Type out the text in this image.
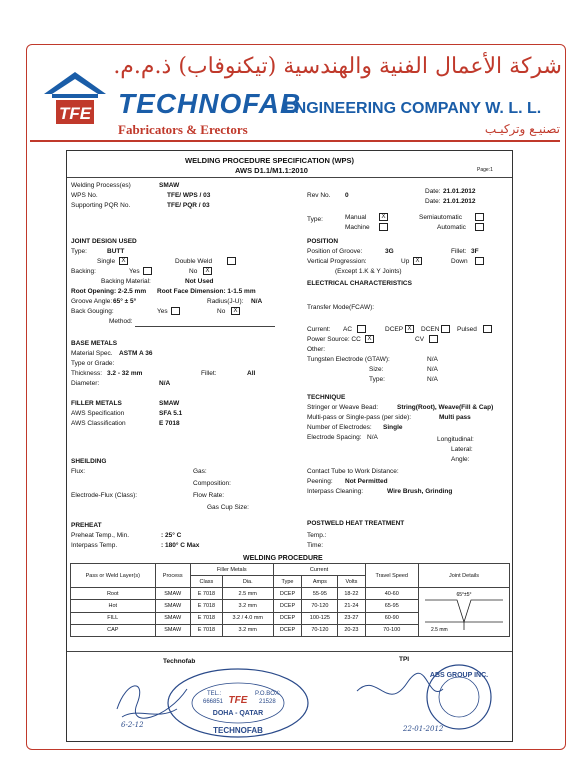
TFE
شركة الأعمال الفنية والهندسية (تيكنوفاب) ذ.م.م.
TECHNOFAB
ENGINEERING COMPANY W. L. L.
Fabricators & Erectors	تصنيـع وتركيـب
WELDING PROCEDURE SPECIFICATION (WPS)
AWS D1.1/M1.1:2010	Page:1
Welding Process(es)	SMAW
WPS No.	TFE/ WPS / 03
Supporting PQR No.	TFE/ PQR / 03
Rev No. 0
Date: 21.01.2012
Date: 21.01.2012
Type:	Manual	X
Machine
Semiautomatic
Automatic
JOINT DESIGN USED
Type:	BUTT
Single	X	Double Weld
Backing:	Yes	No	X
Backing Material:	Not Used
Root Opening: 2-2.5 mm Root Face Dimension: 1-1.5 mm
Groove Angle: 65° ± 5°	Radius(J-U): N/A
Back Gouging:	Yes	No	X
Method:
POSITION
Position of Groove:	3G	Fillet: 3F
Vertical Progression:	Up	X	Down
(Except 1.K & Y Joints)
ELECTRICAL CHARACTERISTICS
Transfer Mode(FCAW):
Current: AC	DCEP X	DCEN	Pulsed
Power Source: CC	X	CV
Other:
Tungsten Electrode (GTAW):	N/A
Size:	N/A
Type:	N/A
BASE METALS
Material Spec. ASTM A 36
Type or Grade:
Thickness: 3.2 - 32 mm	Fillet:	All
Diameter:	N/A
TECHNIQUE
Stringer or Weave Bead:	String(Root), Weave(Fill & Cap)
Multi-pass or Single-pass (per side):	Multi pass
Number of Electrodes: Single
Electrode Spacing: N/A	Longitudinal:
Lateral:
Angle:
Contact Tube to Work Distance:
Peening: Not Permitted
Interpass Cleaning:	Wire Brush, Grinding
FILLER METALS	SMAW
AWS Specification	SFA 5.1
AWS Classification	E 7018
SHEILDING
Flux:	Gas:
Composition:
Electrode-Flux (Class):	Flow Rate:
Gas Cup Size:
PREHEAT
Preheat Temp., Min.	: 25° C
Interpass Temp.	: 180° C Max
POSTWELD HEAT TREATMENT
Temp.:
Time:
WELDING PROCEDURE
Pass or Weld Layer(s)	Process	Filler Metals		Current			Travel Speed	Joint Details
		Class	Dia.	Type	Amps	Volts		
Root	SMAW	E 7018	2.5 mm	DCEP	55-95	18-22	40-60	65°±5°
2.5 mm

Hot	SMAW	E 7018	3.2 mm	DCEP	70-120	21-24	65-95	
FILL	SMAW	E 7018	3.2 / 4.0 mm	DCEP	100-125	23-27	60-90	
CAP	SMAW	E 7018	3.2 mm	DCEP	70-120	20-23	70-100	
Technofab	TPI
TEL.:
666851 TFE
P.O.BOX:
21528
DOHA - QATAR
TECHNOFAB
6-2-12
ABS GROUP INC.
22-01-2012
